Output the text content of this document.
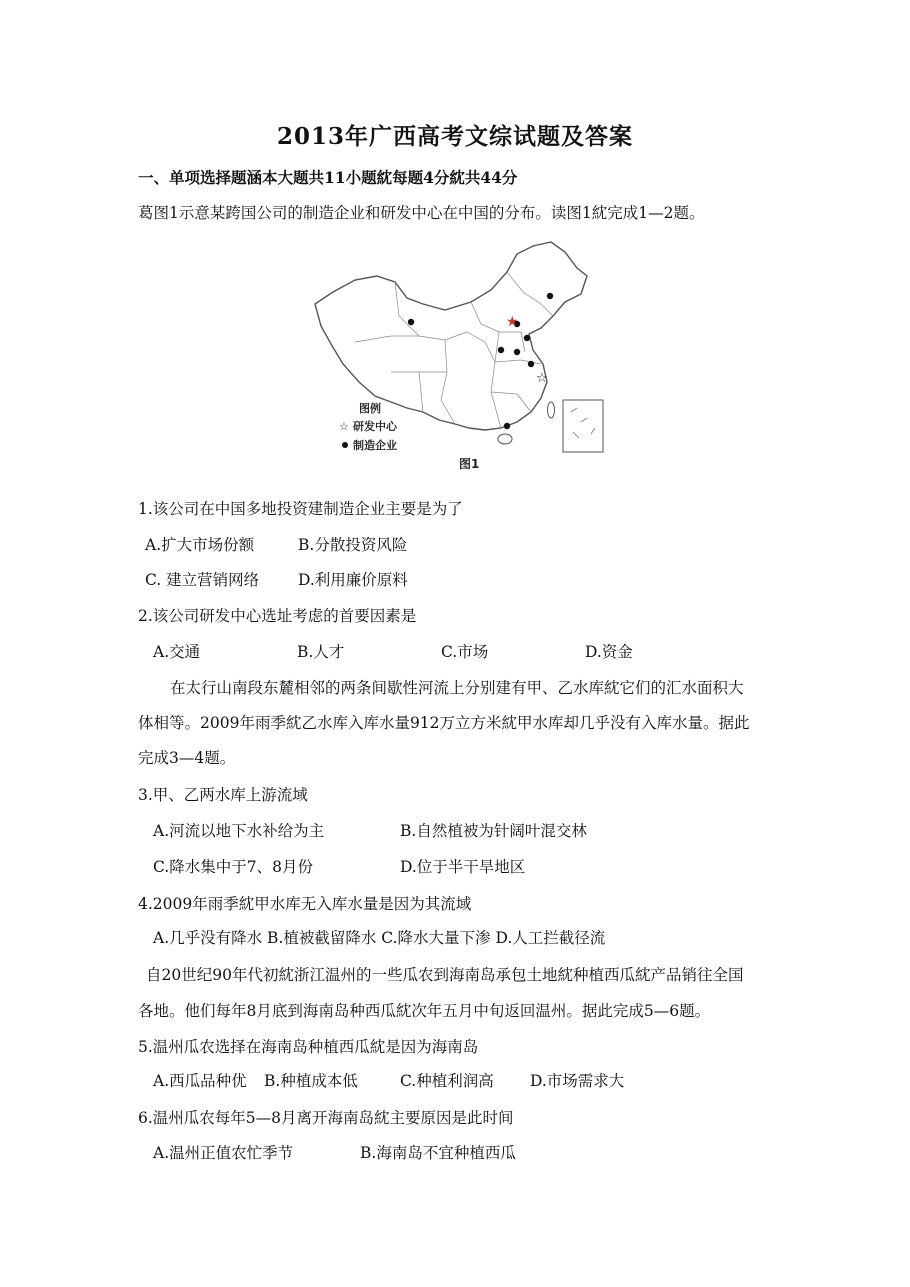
2013年广西高考文综试题及答案
一、单项选择题涵本大题共11小题紞每题4分紞共44分
葛图1示意某跨国公司的制造企业和研发中心在中国的分布。读图1紞完成1—2题。
★
☆
图例
☆ 研发中心
制造企业
图1
1.该公司在中国多地投资建制造企业主要是为了
A.扩大市场份额	B.分散投资风险
C. 建立营销网络	D.利用廉价原料
2.该公司研发中心选址考虑的首要因素是
A.交通	B.人才	C.市场	D.资金
在太行山南段东麓相邻的两条间歇性河流上分别建有甲、乙水库紞它们的汇水面积大
体相等。2009年雨季紞乙水库入库水量912万立方米紞甲水库却几乎没有入库水量。据此
完成3—4题。
3.甲、乙两水库上游流域
A.河流以地下水补给为主	B.自然植被为针阔叶混交林
C.降水集中于7、8月份	D.位于半干旱地区
4.2009年雨季紞甲水库无入库水量是因为其流域
A.几乎没有降水 B.植被截留降水 C.降水大量下渗 D.人工拦截径流
自20世纪90年代初紞浙江温州的一些瓜农到海南岛承包土地紞种植西瓜紞产品销往全国
各地。他们每年8月底到海南岛种西瓜紞次年五月中旬返回温州。据此完成5—6题。
5.温州瓜农选择在海南岛种植西瓜紞是因为海南岛
A.西瓜品种优 B.种植成本低	C.种植利润高 D.市场需求大
6.温州瓜农每年5—8月离开海南岛紞主要原因是此时间
A.温州正值农忙季节	B.海南岛不宜种植西瓜
